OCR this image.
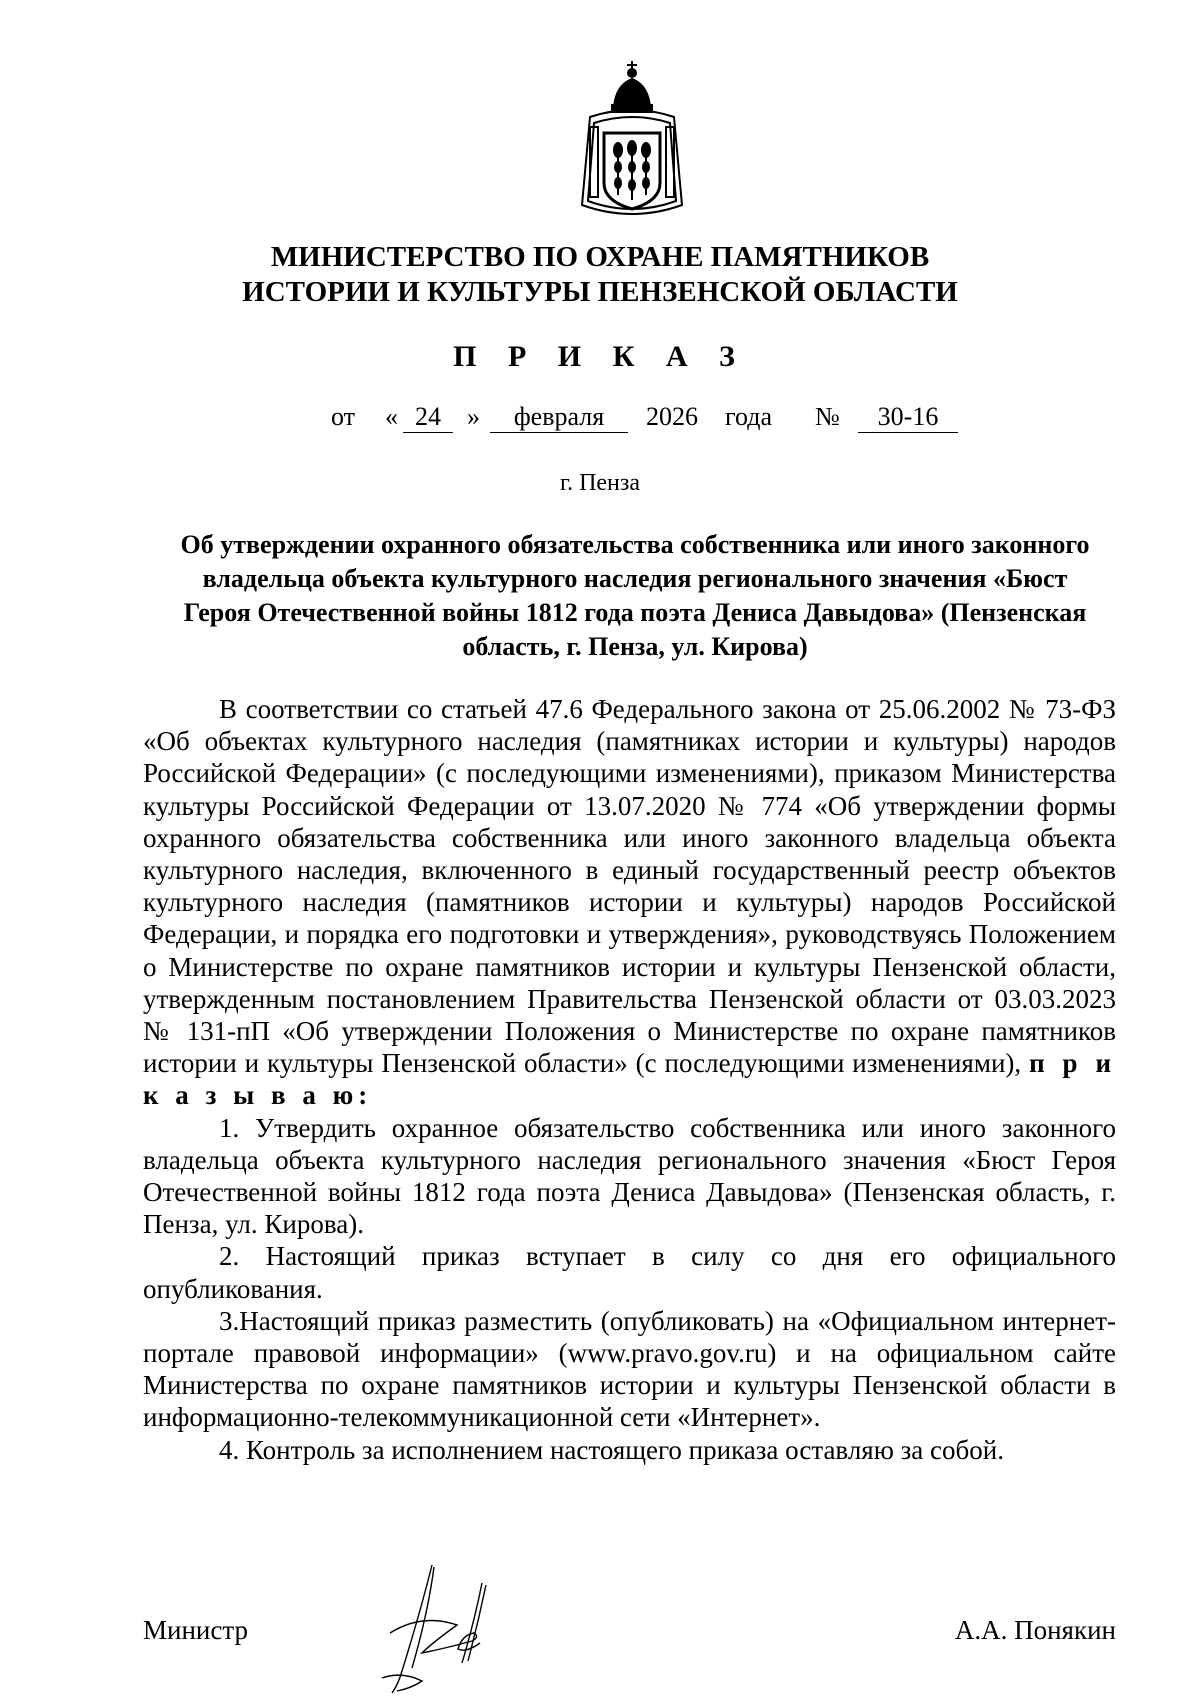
МИНИСТЕРСТВО ПО ОХРАНЕ ПАМЯТНИКОВ
ИСТОРИИ И КУЛЬТУРЫ ПЕНЗЕНСКОЙ ОБЛАСТИ
П Р И К А З
от « 24	»	февраля	2026 года №	30-16
г. Пенза
Об утверждении охранного обязательства собственника или иного законного владельца объекта культурного наследия регионального значения «Бюст Героя Отечественной войны 1812 года поэта Дениса Давыдова» (Пензенская область, г. Пенза, ул. Кирова)

В соответствии со статьей 47.6 Федерального закона от 25.06.2002 № 73-ФЗ «Об объектах культурного наследия (памятниках истории и культуры) народов Российской Федерации» (с последующими изменениями), приказом Министерства культуры Российской Федерации от 13.07.2020 № 774 «Об утверждении формы охранного обязательства собственника или иного законного владельца объекта культурного наследия, включенного в единый государственный реестр объектов культурного наследия (памятников истории и культуры) народов Российской Федерации, и порядка его подготовки и утверждения», руководствуясь Положением о Министерстве по охране памятников истории и культуры Пензенской области, утвержденным постановлением Правительства Пензенской области от 03.03.2023 № 131-пП «Об утверждении Положения о Министерстве по охране памятников истории и культуры Пензенской области» (с последующими изменениями), п р и к а з ы в а ю:

1. Утвердить охранное обязательство собственника или иного законного владельца объекта культурного наследия регионального значения «Бюст Героя Отечественной войны 1812 года поэта Дениса Давыдова» (Пензенская область, г. Пенза, ул. Кирова).

2. Настоящий приказ вступает в силу со дня его официального опубликования.

3.Настоящий приказ разместить (опубликовать) на «Официальном интернет-портале правовой информации» (www.pravo.gov.ru) и на официальном сайте Министерства по охране памятников истории и культуры Пензенской области в информационно-телекоммуникационной сети «Интернет».

4. Контроль за исполнением настоящего приказа оставляю за собой.

Министр	А.А. Понякин
